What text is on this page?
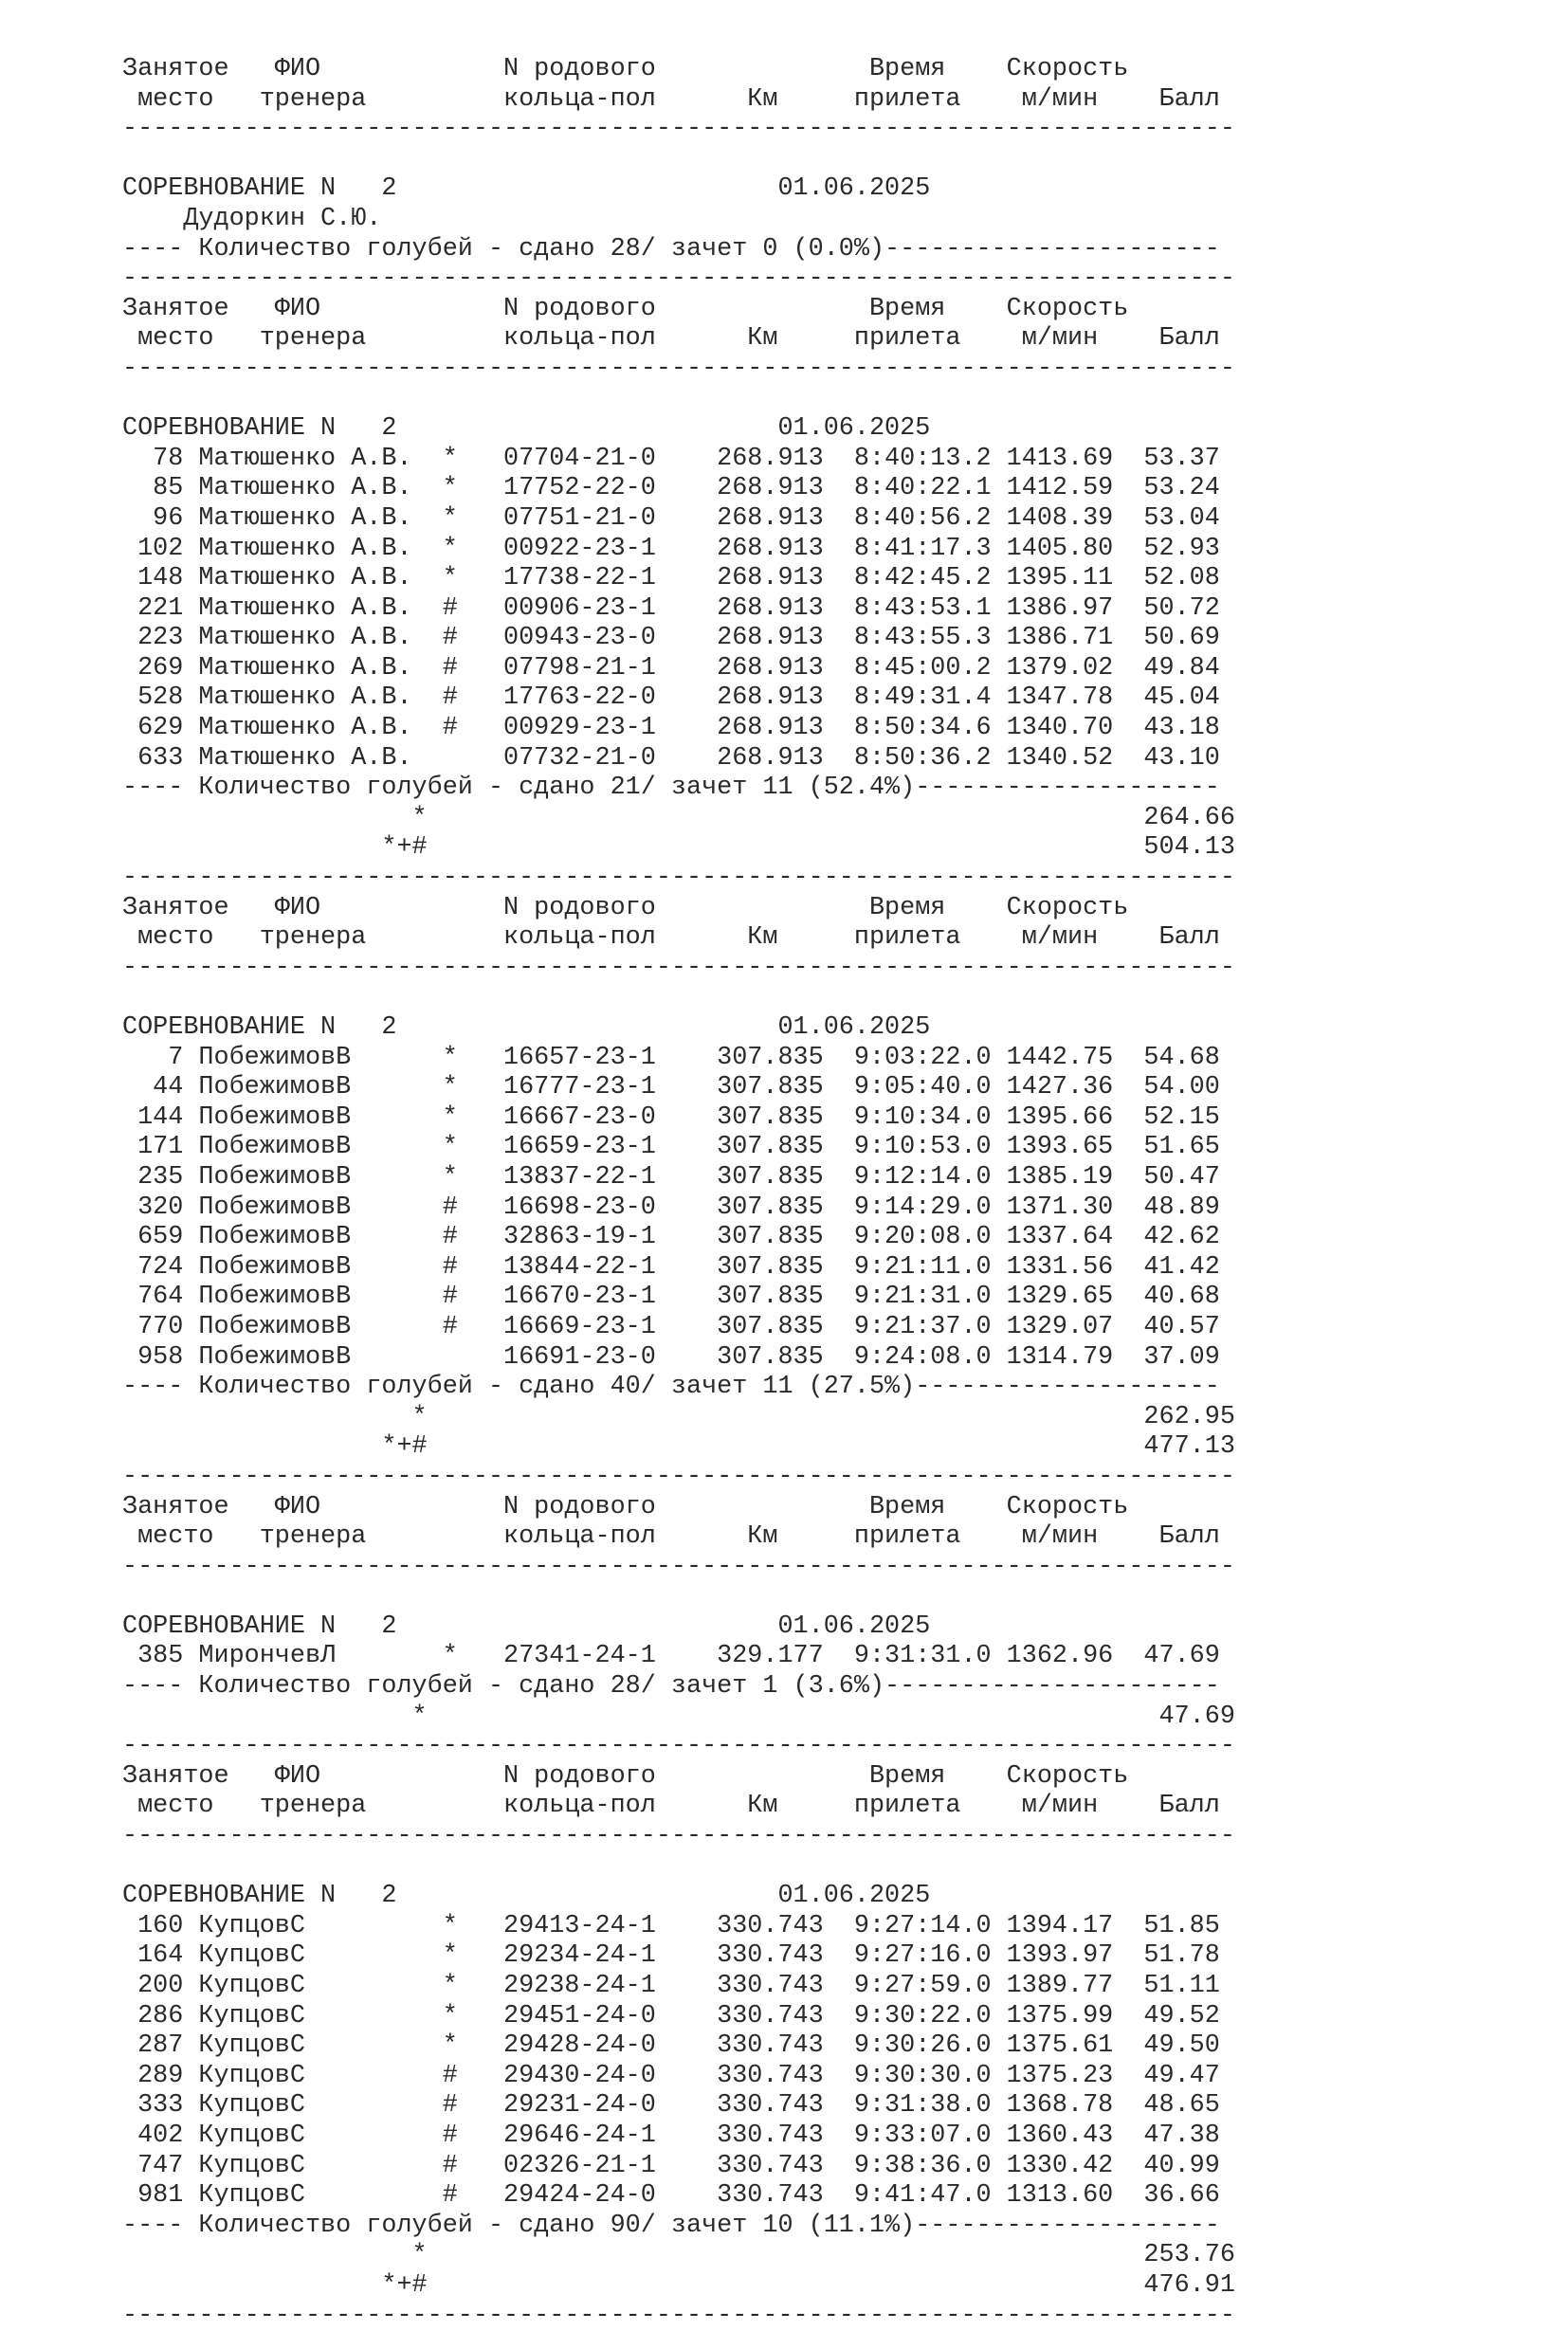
Занятое   ФИО            N родового              Время    Скорость
место   тренера         кольца-пол      Км     прилета    м/мин    Балл
-------------------------------------------------------------------------

СОРЕВНОВАНИЕ N   2                         01.06.2025
Дудоркин С.Ю.
---- Количество голубей - сдано 28/ зачет 0 (0.0%)----------------------
-------------------------------------------------------------------------
Занятое   ФИО            N родового              Время    Скорость
место   тренера         кольца-пол      Км     прилета    м/мин    Балл
-------------------------------------------------------------------------

СОРЕВНОВАНИЕ N   2                         01.06.2025
78 Матюшенко А.В.  *   07704-21-0    268.913  8:40:13.2 1413.69  53.37
85 Матюшенко А.В.  *   17752-22-0    268.913  8:40:22.1 1412.59  53.24
96 Матюшенко А.В.  *   07751-21-0    268.913  8:40:56.2 1408.39  53.04
102 Матюшенко А.В.  *   00922-23-1    268.913  8:41:17.3 1405.80  52.93
148 Матюшенко А.В.  *   17738-22-1    268.913  8:42:45.2 1395.11  52.08
221 Матюшенко А.В.  #   00906-23-1    268.913  8:43:53.1 1386.97  50.72
223 Матюшенко А.В.  #   00943-23-0    268.913  8:43:55.3 1386.71  50.69
269 Матюшенко А.В.  #   07798-21-1    268.913  8:45:00.2 1379.02  49.84
528 Матюшенко А.В.  #   17763-22-0    268.913  8:49:31.4 1347.78  45.04
629 Матюшенко А.В.  #   00929-23-1    268.913  8:50:34.6 1340.70  43.18
633 Матюшенко А.В.      07732-21-0    268.913  8:50:36.2 1340.52  43.10
---- Количество голубей - сдано 21/ зачет 11 (52.4%)--------------------
*                                               264.66
*+#                                               504.13
-------------------------------------------------------------------------
Занятое   ФИО            N родового              Время    Скорость
место   тренера         кольца-пол      Км     прилета    м/мин    Балл
-------------------------------------------------------------------------

СОРЕВНОВАНИЕ N   2                         01.06.2025
7 ПобежимовВ      *   16657-23-1    307.835  9:03:22.0 1442.75  54.68
44 ПобежимовВ      *   16777-23-1    307.835  9:05:40.0 1427.36  54.00
144 ПобежимовВ      *   16667-23-0    307.835  9:10:34.0 1395.66  52.15
171 ПобежимовВ      *   16659-23-1    307.835  9:10:53.0 1393.65  51.65
235 ПобежимовВ      *   13837-22-1    307.835  9:12:14.0 1385.19  50.47
320 ПобежимовВ      #   16698-23-0    307.835  9:14:29.0 1371.30  48.89
659 ПобежимовВ      #   32863-19-1    307.835  9:20:08.0 1337.64  42.62
724 ПобежимовВ      #   13844-22-1    307.835  9:21:11.0 1331.56  41.42
764 ПобежимовВ      #   16670-23-1    307.835  9:21:31.0 1329.65  40.68
770 ПобежимовВ      #   16669-23-1    307.835  9:21:37.0 1329.07  40.57
958 ПобежимовВ          16691-23-0    307.835  9:24:08.0 1314.79  37.09
---- Количество голубей - сдано 40/ зачет 11 (27.5%)--------------------
*                                               262.95
*+#                                               477.13
-------------------------------------------------------------------------
Занятое   ФИО            N родового              Время    Скорость
место   тренера         кольца-пол      Км     прилета    м/мин    Балл
-------------------------------------------------------------------------

СОРЕВНОВАНИЕ N   2                         01.06.2025
385 МирончевЛ       *   27341-24-1    329.177  9:31:31.0 1362.96  47.69
---- Количество голубей - сдано 28/ зачет 1 (3.6%)----------------------
*                                                47.69
-------------------------------------------------------------------------
Занятое   ФИО            N родового              Время    Скорость
место   тренера         кольца-пол      Км     прилета    м/мин    Балл
-------------------------------------------------------------------------

СОРЕВНОВАНИЕ N   2                         01.06.2025
160 КупцовС         *   29413-24-1    330.743  9:27:14.0 1394.17  51.85
164 КупцовС         *   29234-24-1    330.743  9:27:16.0 1393.97  51.78
200 КупцовС         *   29238-24-1    330.743  9:27:59.0 1389.77  51.11
286 КупцовС         *   29451-24-0    330.743  9:30:22.0 1375.99  49.52
287 КупцовС         *   29428-24-0    330.743  9:30:26.0 1375.61  49.50
289 КупцовС         #   29430-24-0    330.743  9:30:30.0 1375.23  49.47
333 КупцовС         #   29231-24-0    330.743  9:31:38.0 1368.78  48.65
402 КупцовС         #   29646-24-1    330.743  9:33:07.0 1360.43  47.38
747 КупцовС         #   02326-21-1    330.743  9:38:36.0 1330.42  40.99
981 КупцовС         #   29424-24-0    330.743  9:41:47.0 1313.60  36.66
---- Количество голубей - сдано 90/ зачет 10 (11.1%)--------------------
*                                               253.76
*+#                                               476.91
-------------------------------------------------------------------------
